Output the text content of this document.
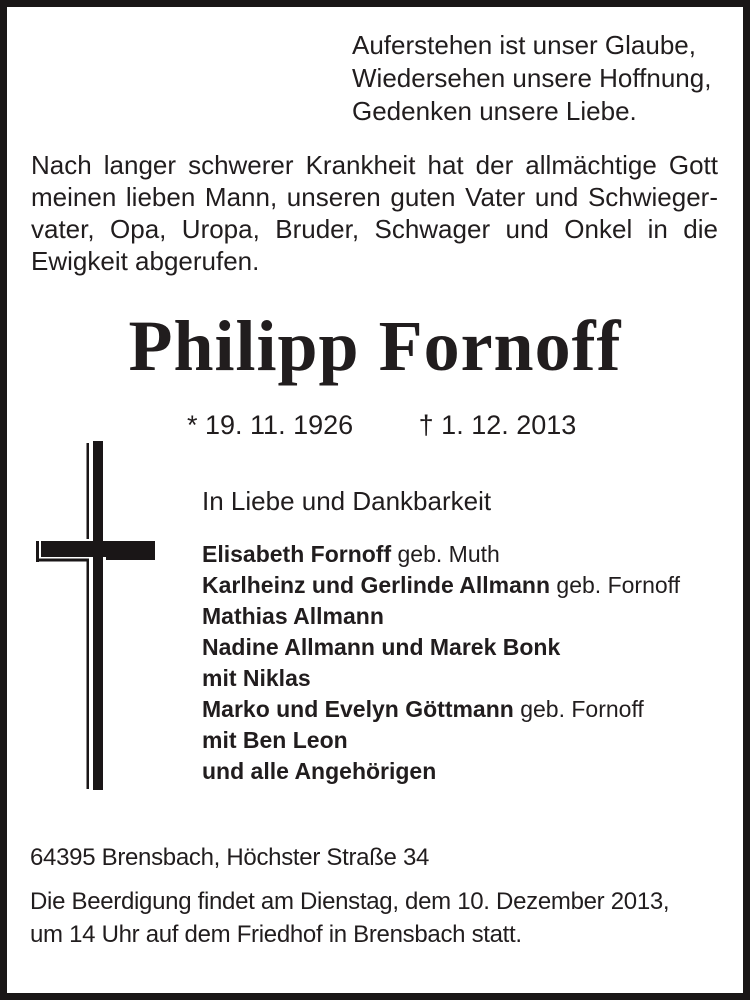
Auferstehen ist unser Glaube,
Wiedersehen unsere Hoffnung,
Gedenken unsere Liebe.
Nach langer schwerer Krankheit hat der allmächtige Gott
meinen lieben Mann, unseren guten Vater und Schwieger-
vater, Opa, Uropa, Bruder, Schwager und Onkel in die
Ewigkeit abgerufen.
Philipp Fornoff
* 19. 11. 1926 † 1. 12. 2013
In Liebe und Dankbarkeit
Elisabeth Fornoff geb. Muth
Karlheinz und Gerlinde Allmann geb. Fornoff
Mathias Allmann
Nadine Allmann und Marek Bonk
mit Niklas
Marko und Evelyn Göttmann geb. Fornoff
mit Ben Leon
und alle Angehörigen
64395 Brensbach, Höchster Straße 34
Die Beerdigung findet am Dienstag, dem 10. Dezember 2013,
um 14 Uhr auf dem Friedhof in Brensbach statt.
